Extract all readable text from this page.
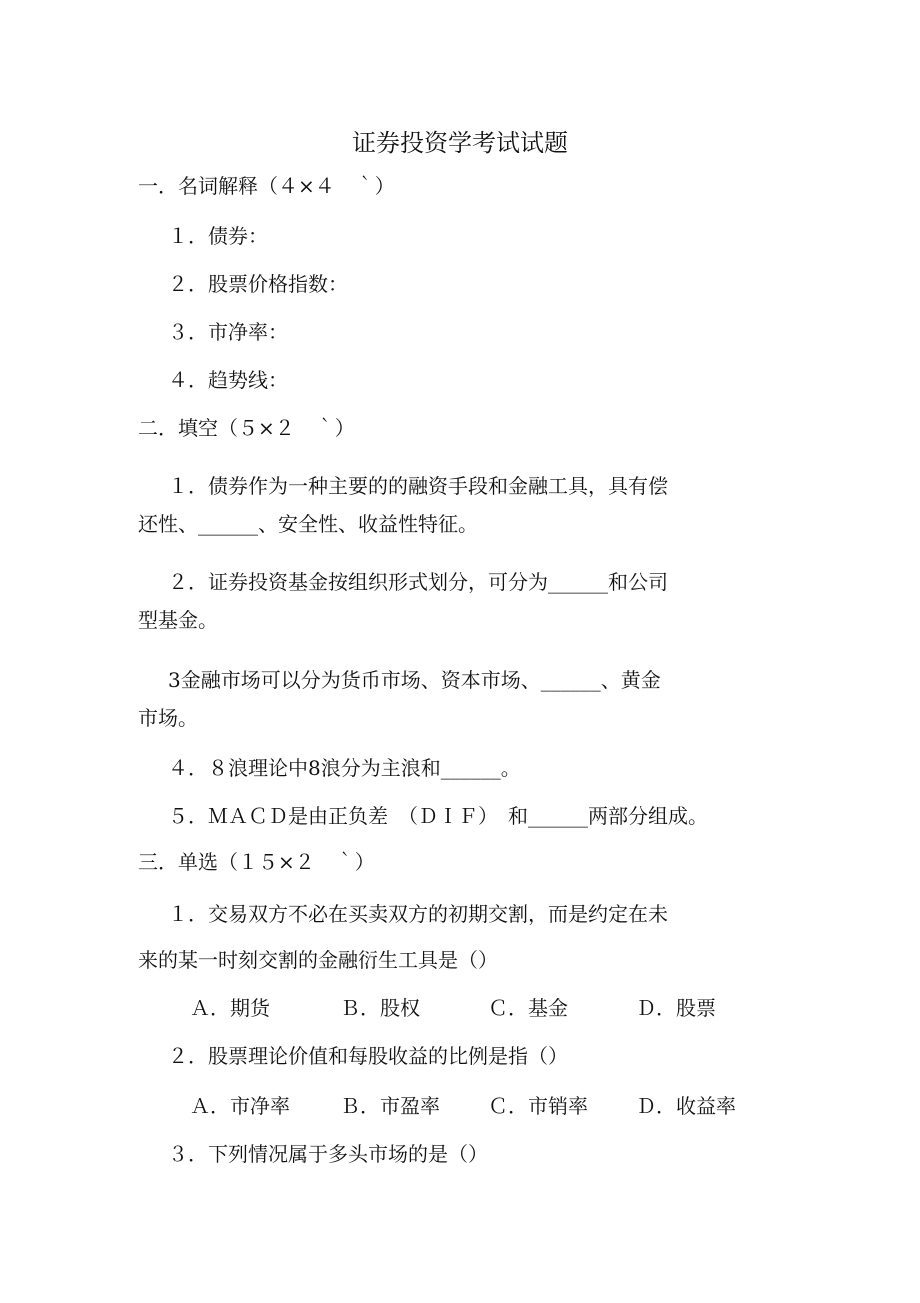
证券投资学考试试题
一．名词解释（４×４　｀）
１．债券：
２．股票价格指数：
３．市净率：
４．趋势线：
二．填空（５×２　｀）
１．债券作为一种主要的的融资手段和金融工具，具有偿
还性、______、安全性、收益性特征。
２．证券投资基金按组织形式划分，可分为______和公司
型基金。
3金融市场可以分为货币市场、资本市场、______、黄金
市场。
４．８浪理论中8浪分为主浪和______。
５．ＭＡＣＤ是由正负差　（ＤＩＦ）　和______两部分组成。
三．单选（１５×２　｀）
１．交易双方不必在买卖双方的初期交割，而是约定在未
来的某一时刻交割的金融衍生工具是（）
Ａ．期货	Ｂ．股权	Ｃ．基金	Ｄ．股票
２．股票理论价值和每股收益的比例是指（）
Ａ．市净率	Ｂ．市盈率 Ｃ．市销率 Ｄ．收益率
３．下列情况属于多头市场的是（）
